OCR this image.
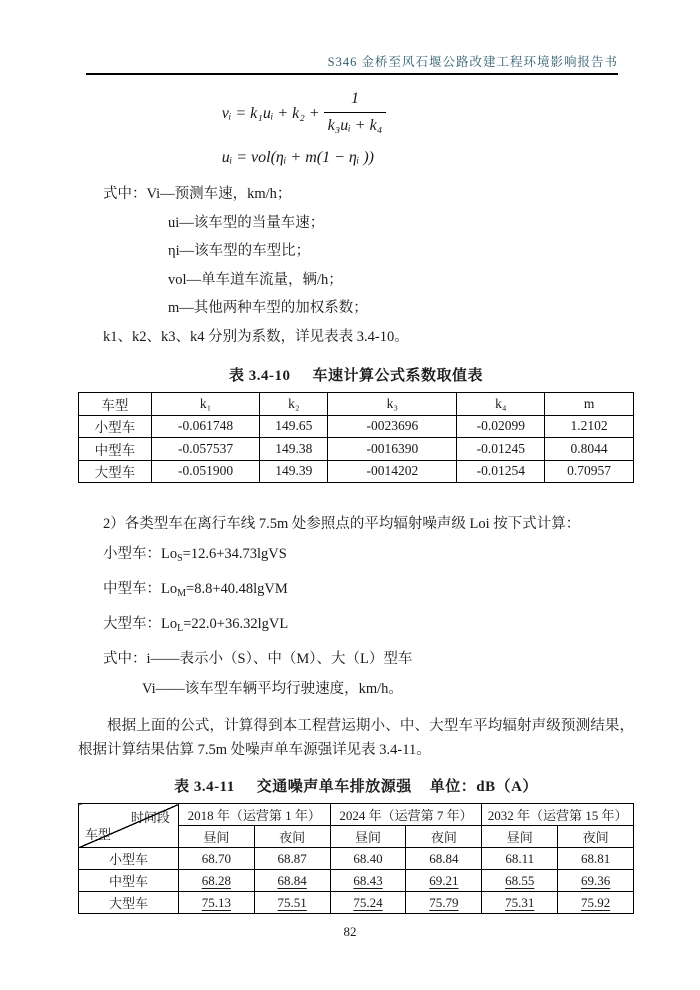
S346 金桥至风石堰公路改建工程环境影响报告书
vᵢ = k₁uᵢ + $k_2 + \frac{1}{\text{k₃uᵢ + k₄}}$
uᵢ = vol(ηᵢ + m(1 − ηᵢ ))
式中：Vi—预测车速，km/h；
ui—该车型的当量车速；
ηi—该车型的车型比；
vol—单车道车流量，辆/h；
m—其他两种车型的加权系数；
k1、k2、k3、k4 分别为系数，详见表表 3.4-10。
表 3.4-10 车速计算公式系数取值表
车型	k₁	k₂	k₃	k₄	m
小型车	-0.061748	149.65	-0023696	-0.02099	1.2102
中型车	-0.057537	149.38	-0016390	-0.01245	0.8044
大型车	-0.051900	149.39	-0014202	-0.01254	0.70957
2）各类型车在离行车线 7.5m 处参照点的平均辐射噪声级 Loi 按下式计算：
小型车：$Lo_S=12.6+34.73lgVS$
中型车：$Lo_M=8.8+40.48lgVM$
大型车：$Lo_L=22.0+36.32lgVL$
式中：i——表示小（S）、中（M）、大（L）型车
Vi——该车型车辆平均行驶速度，km/h。
根据上面的公式，计算得到本工程营运期小、中、大型车平均辐射声级预测结果，根据计算结果估算 7.5m 处噪声单车源强详见表 3.4-11。
表 3.4-11 交通噪声单车排放源强 单位：dB（A）
时间段
车型	2018 年（运营第 1 年）		2024 年（运营第 7 年）		2032 年（运营第 15 年）	
	昼间	夜间	昼间	夜间	昼间	夜间
小型车	68.70	68.87	68.40	68.84	68.11	68.81
中型车	68.28	68.84	68.43	69.21	68.55	69.36
大型车	75.13	75.51	75.24	75.79	75.31	75.92
82
